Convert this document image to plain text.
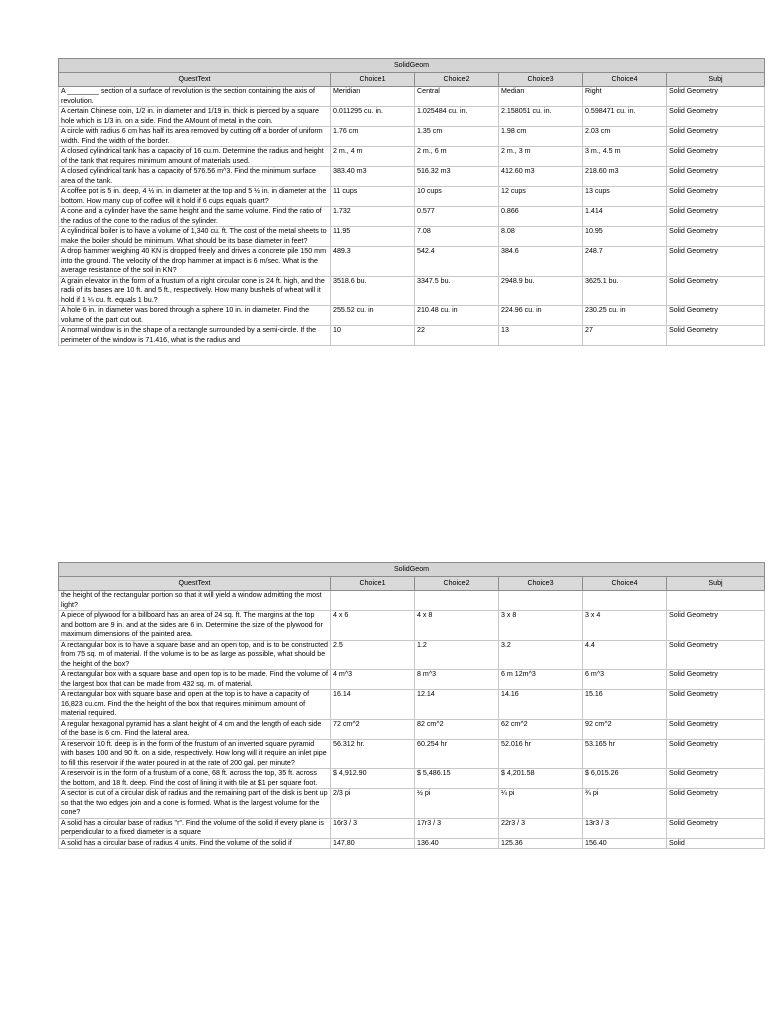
SolidGeom					
QuestText	Choice1	Choice2	Choice3	Choice4	Subj
A ________ section of a surface of revolution is the section containing the axis of revolution.	Meridian	Central	Median	Right	Solid Geometry
A certain Chinese coin, 1/2 in. in diameter and 1/19 in. thick is pierced by a square hole which is 1/3 in. on a side. Find the AMount of metal in the coin.	0.011295 cu. in.	1.025484 cu. in.	2.158051 cu. in.	0.598471 cu. in.	Solid Geometry
A circle with radius 6 cm has half its area removed by cutting off a border of uniform width. Find the width of the border.	1.76 cm	1.35 cm	1.98 cm	2.03 cm	Solid Geometry
A closed cylindrical tank has a capacity of 16 cu.m. Determine the radius and height of the tank that requires minimum amount of materials used.	2 m., 4 m	2 m., 6 m	2 m., 3 m	3 m., 4.5 m	Solid Geometry
A closed cylindrical tank has a capacity of 576.56 m^3. Find the minimum surface area of the tank.	383.40 m3	516.32 m3	412.60 m3	218.60 m3	Solid Geometry
A coffee pot is 5 in. deep, 4 ½ in. in diameter at the top and 5 ½ in. in diameter at the bottom. How many cup of coffee will it hold if 6 cups equals quart?	11 cups	10 cups	12 cups	13 cups	Solid Geometry
A cone and a cylinder have the same height and the same volume. Find the ratio of the radius of the cone to the radius of the sylinder.	1.732	0.577	0.866	1.414	Solid Geometry
A cylindrical boiler is to have a volume of 1,340 cu. ft. The cost of the metal sheets to make the boiler should be minimum. What should be its base diameter in feet?	11.95	7.08	8.08	10.95	Solid Geometry
A drop hammer weighing 40 KN is dropped freely and drives a concrete pile 150 mm into the ground. The velocity of the drop hammer at impact is 6 m/sec. What is the average resistance of the soil in KN?	489.3	542.4	384.6	248.7	Solid Geometry
A grain elevator in the form of a frustum of a right circular cone is 24 ft. high, and the radii of its bases are 10 ft. and 5 ft., respectively. How many bushels of wheat will it hold if 1 ¼ cu. ft. equals 1 bu.?	3518.6 bu.	3347.5 bu.	2948.9 bu.	3625.1 bu.	Solid Geometry
A hole 6 in. in diameter was bored through a sphere 10 in. in diameter. Find the volume of the part cut out.	255.52 cu. in	210.48 cu. in	224.96 cu. in	230.25 cu. in	Solid Geometry
A normal window is in the shape of a rectangle surrounded by a semi-circle. If the perimeter of the window is 71.416, what is the radius and	10	22	13	27	Solid Geometry
SolidGeom					
QuestText	Choice1	Choice2	Choice3	Choice4	Subj
the height of the rectangular portion so that it will yield a window admitting the most light?					
A piece of plywood for a billboard has an area of 24 sq. ft. The margins at the top and bottom are 9 in. and at the sides are 6 in. Determine the size of the plywood for maximum dimensions of the painted area.	4 x 6	4 x 8	3 x 8	3 x 4	Solid Geometry
A rectangular box is to have a square base and an open top, and is to be constructed from 75 sq. m of material. If the volume is to be as large as possible, what should be the height of the box?	2.5	1.2	3.2	4.4	Solid Geometry
A rectangular box with a square base and open top is to be made. Find the volume of the largest box that can be made from 432 sq. m. of material.	4 m^3	8 m^3	6 m 12m^3	6 m^3	Solid Geometry
A rectangular box with square base and open at the top is to have a capacity of 16,823 cu.cm. Find the the height of the box that requires minimum amount of material required.	16.14	12.14	14.16	15.16	Solid Geometry
A regular hexagonal pyramid has a slant height of 4 cm and the length of each side of the base is 6 cm. Find the lateral area.	72 cm^2	82 cm^2	62 cm^2	92 cm^2	Solid Geometry
A reservoir 10 ft. deep is in the form of the frustum of an inverted square pyramid with bases 100 and 90 ft. on a side, respectively. How long will it require an inlet pipe to fill this reservoir if the water poured in at the rate of 200 gal. per minute?	56.312 hr.	60.254 hr	52.016 hr	53.165 hr	Solid Geometry
A reservoir is in the form of a frustum of a cone, 68 ft. across the top, 35 ft. across the bottom, and 18 ft. deep. Find the cost of lining it with tile at $1 per square foot.	$ 4,912.90	$ 5,486.15	$ 4,201.58	$ 6,015.26	Solid Geometry
A sector is cut of a circular disk of radius and the remaining part of the disk is bent up so that the two edges join and a cone is formed. What is the largest volume for the cone?	2/3 pi	½ pi	¼ pi	¾ pi	Solid Geometry
A solid has a circular base of radius "r". Find the volume of the solid if every plane is perpendicular to a fixed diameter is a square	16r3 / 3	17r3 / 3	22r3 / 3	13r3 / 3	Solid Geometry
A solid has a circular base of radius 4 units. Find the volume of the solid if	147.80	136.40	125.36	156.40	Solid
